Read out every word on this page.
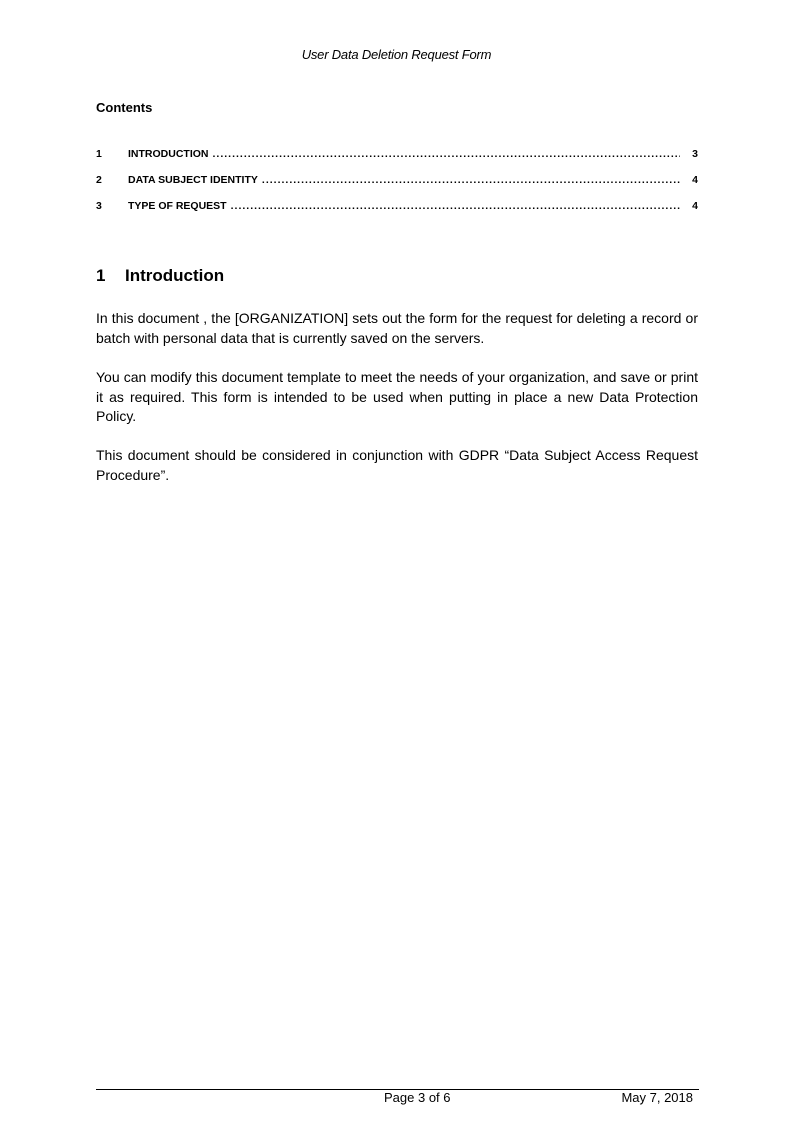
User Data Deletion Request Form
Contents
1	INTRODUCTION .....	3
2	DATA SUBJECT IDENTITY .....	4
3	TYPE OF REQUEST .....	4
1	Introduction

In this document , the [ORGANIZATION] sets out the form for the request for deleting a record or batch with personal data that is currently saved on the servers.

You can modify this document template to meet the needs of your organization, and save or print it as required. This form is intended to be used when putting in place a new Data Protection Policy.

This document should be considered in conjunction with GDPR “Data Subject Access Request Procedure”.

Page 3 of 6	May 7, 2018
